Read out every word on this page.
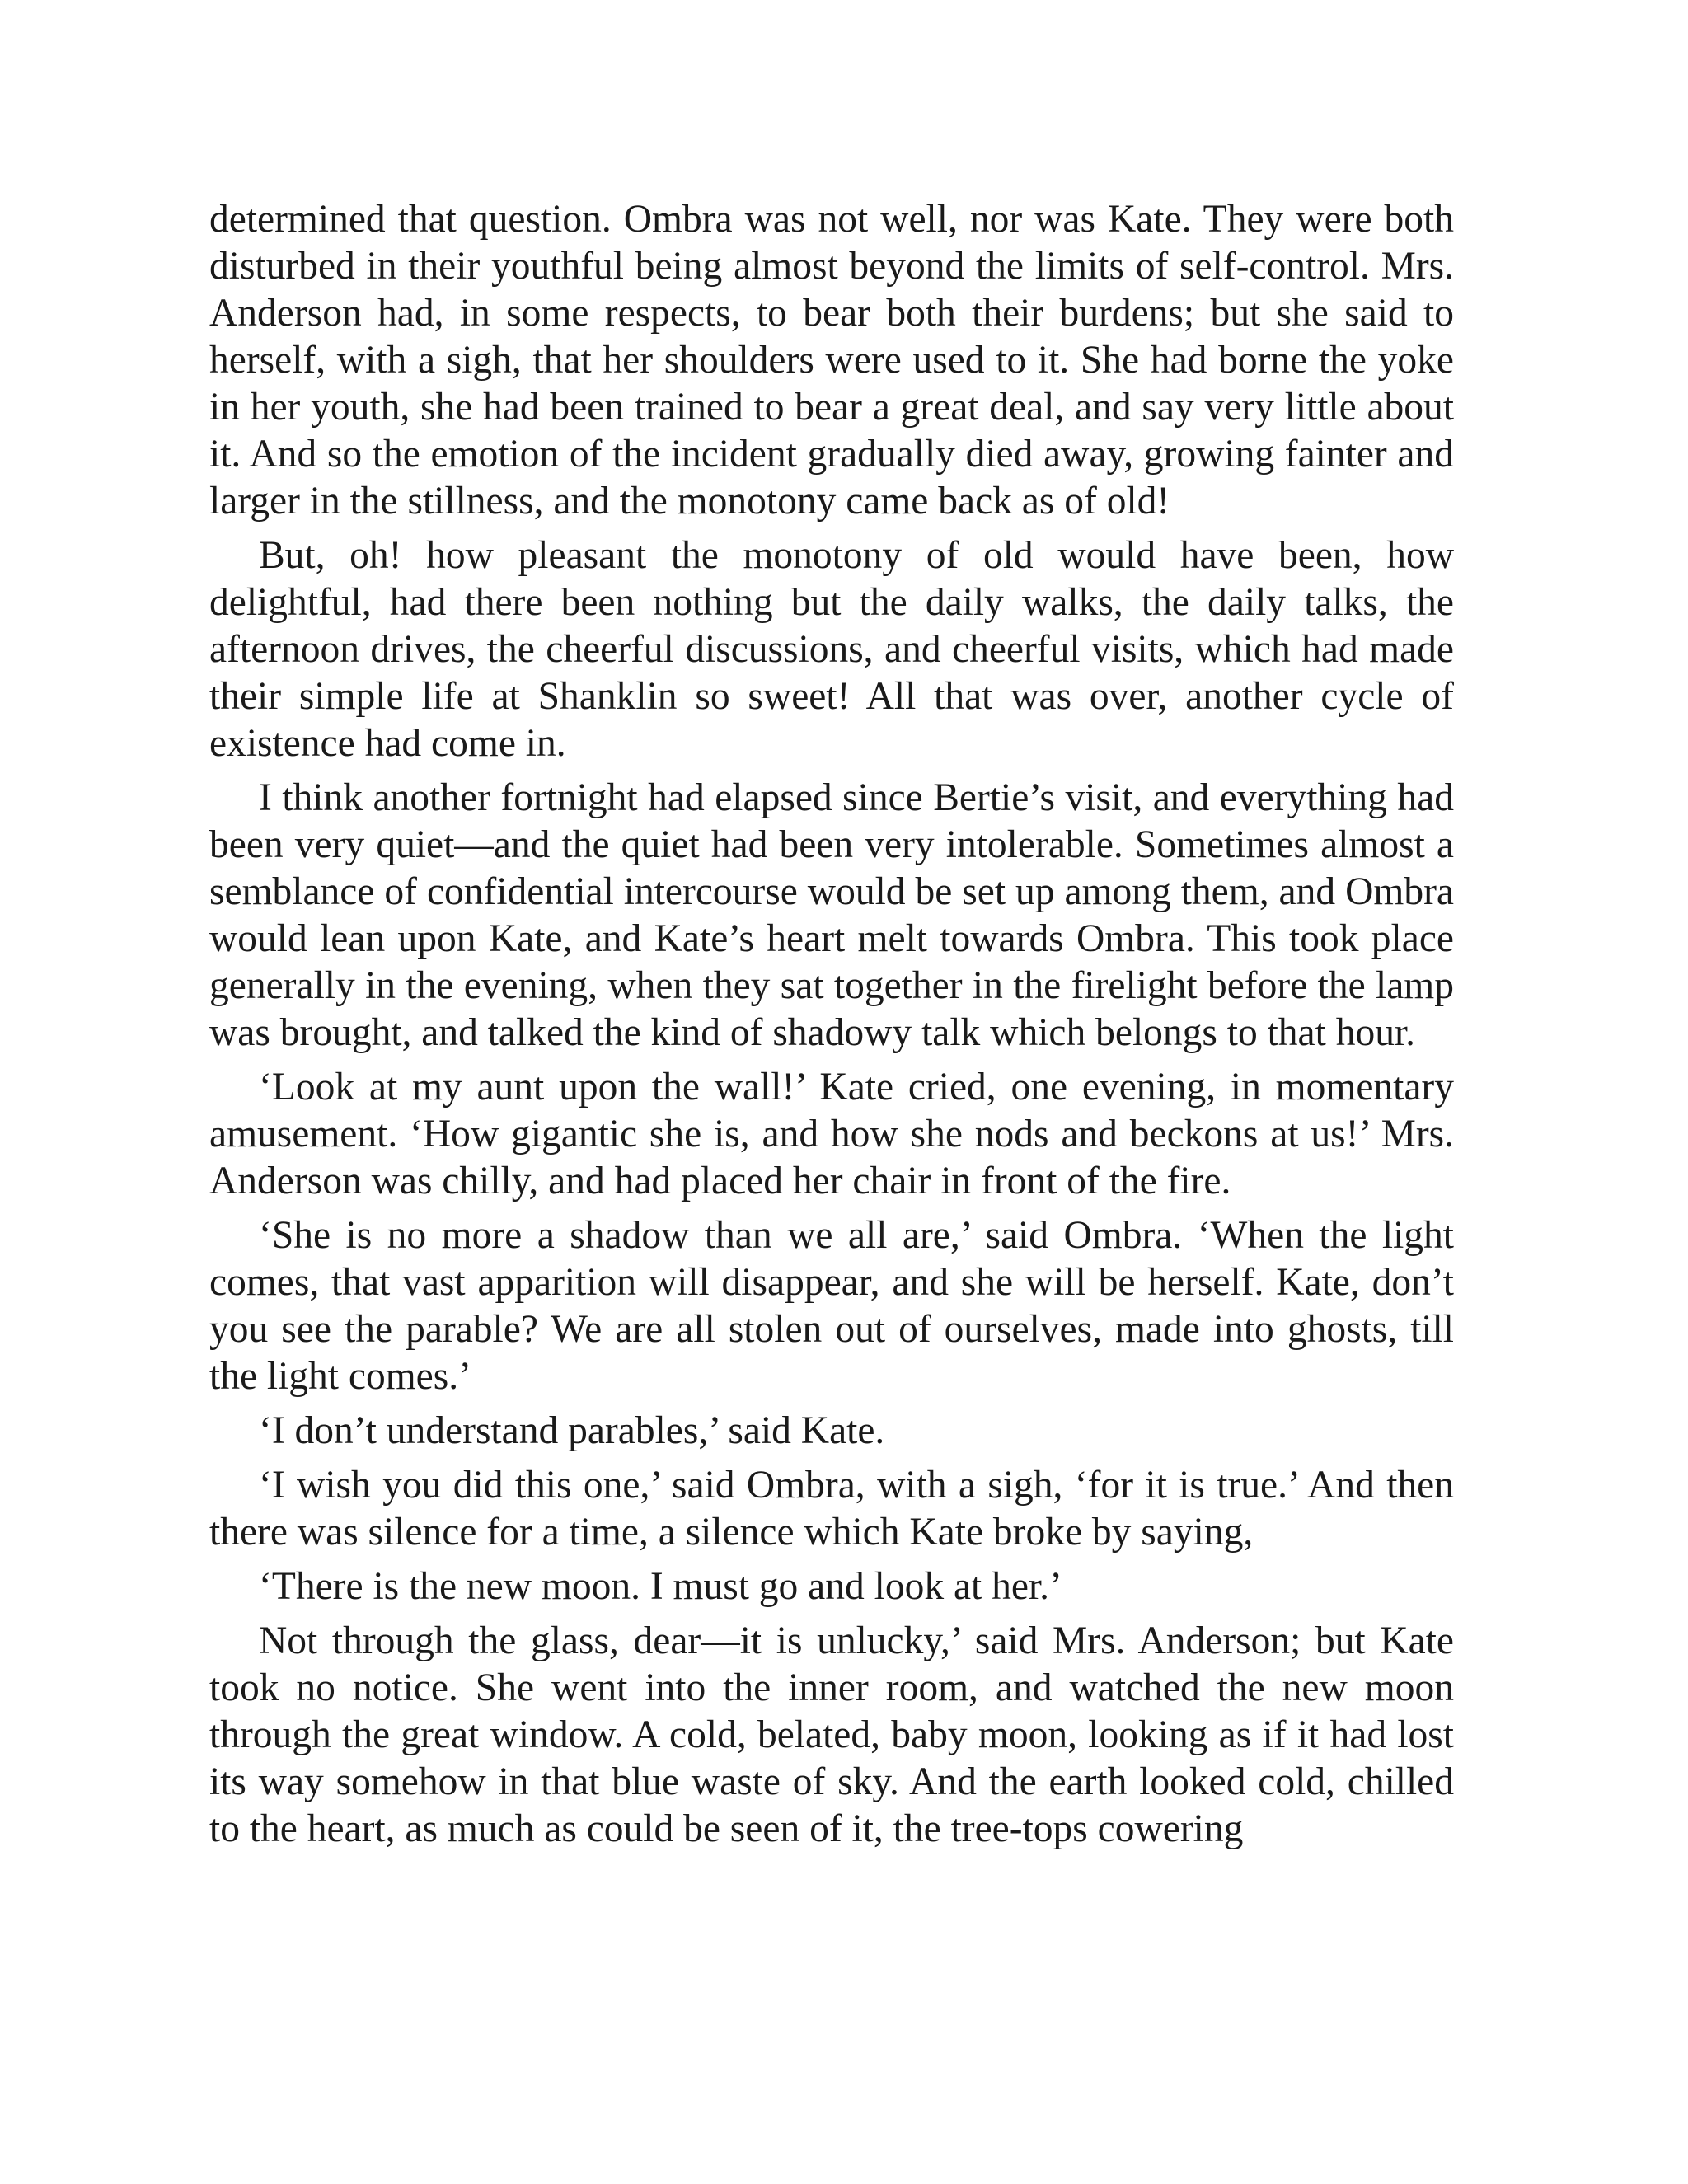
determined that question. Ombra was not well, nor was Kate. They were both disturbed in their youthful being almost beyond the limits of self-control. Mrs. Anderson had, in some respects, to bear both their burdens; but she said to herself, with a sigh, that her shoulders were used to it. She had borne the yoke in her youth, she had been trained to bear a great deal, and say very little about it. And so the emotion of the incident gradually died away, growing fainter and larger in the stillness, and the monotony came back as of old!

But, oh! how pleasant the monotony of old would have been, how delightful, had there been nothing but the daily walks, the daily talks, the afternoon drives, the cheerful discussions, and cheerful visits, which had made their simple life at Shanklin so sweet! All that was over, another cycle of existence had come in.

I think another fortnight had elapsed since Bertie’s visit, and everything had been very quiet—and the quiet had been very intolerable. Sometimes almost a semblance of confidential intercourse would be set up among them, and Ombra would lean upon Kate, and Kate’s heart melt towards Ombra. This took place generally in the evening, when they sat together in the firelight before the lamp was brought, and talked the kind of shadowy talk which belongs to that hour.

‘Look at my aunt upon the wall!’ Kate cried, one evening, in momentary amusement. ‘How gigantic she is, and how she nods and beckons at us!’ Mrs. Anderson was chilly, and had placed her chair in front of the fire.

‘She is no more a shadow than we all are,’ said Ombra. ‘When the light comes, that vast apparition will disappear, and she will be herself. Kate, don’t you see the parable? We are all stolen out of ourselves, made into ghosts, till the light comes.’

‘I don’t understand parables,’ said Kate.

‘I wish you did this one,’ said Ombra, with a sigh, ‘for it is true.’ And then there was silence for a time, a silence which Kate broke by saying,

‘There is the new moon. I must go and look at her.’

Not through the glass, dear—it is unlucky,’ said Mrs. Anderson; but Kate took no notice. She went into the inner room, and watched the new moon through the great window. A cold, belated, baby moon, looking as if it had lost its way somehow in that blue waste of sky. And the earth looked cold, chilled to the heart, as much as could be seen of it, the tree-tops cowering
